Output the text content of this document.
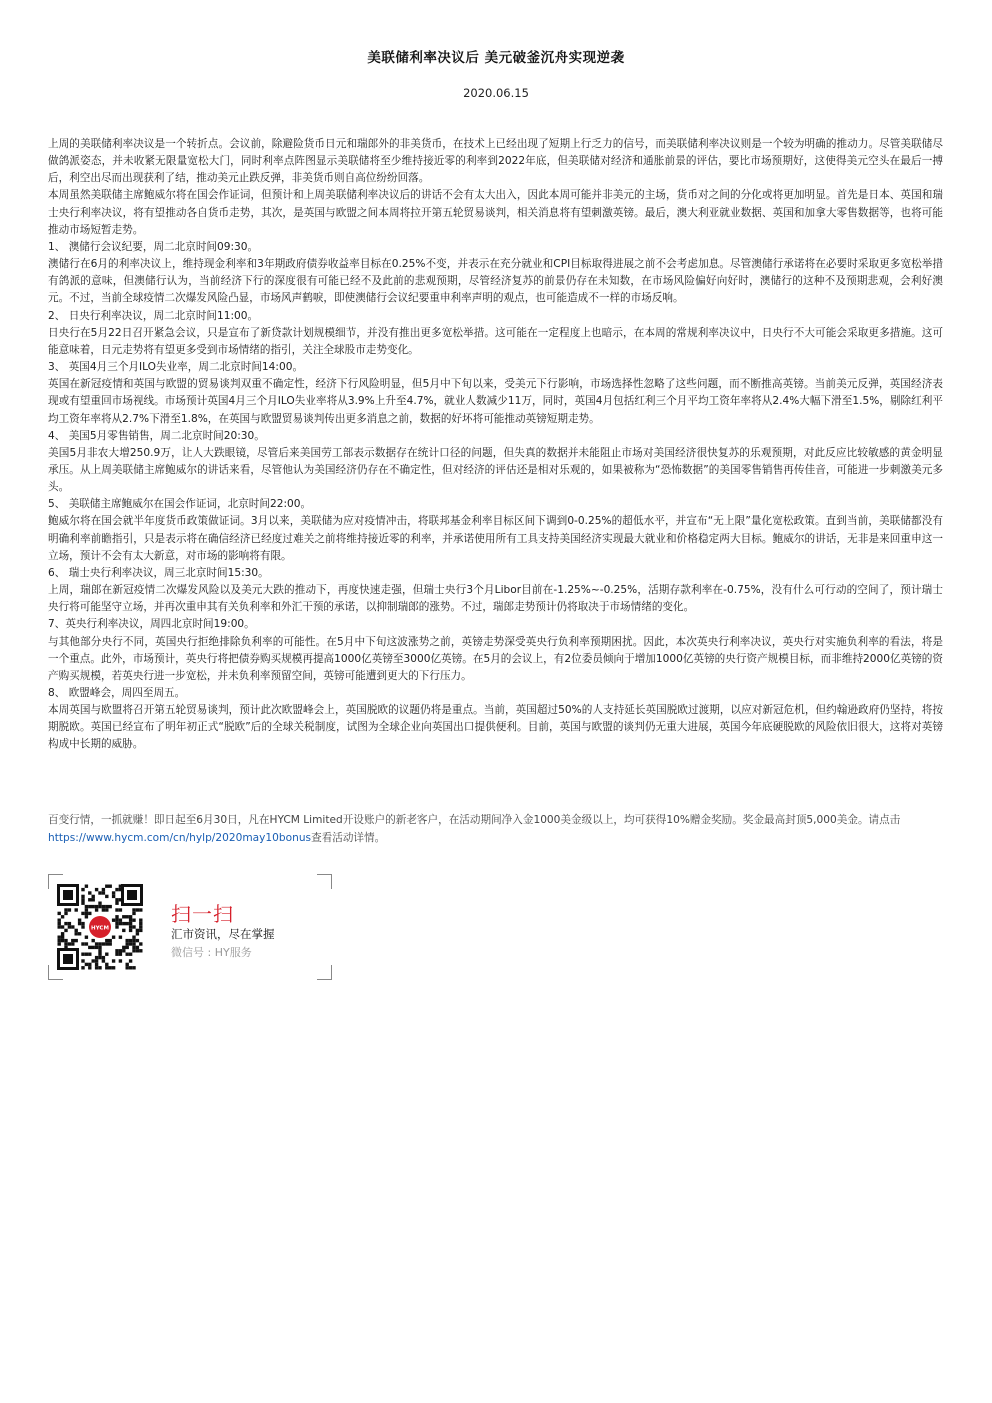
美联储利率决议后 美元破釜沉舟实现逆袭
2020.06.15

上周的美联储利率决议是一个转折点。会议前，除避险货币日元和瑞郎外的非美货币，在技术上已经出现了短期上行乏力的信号，而美联储利率决议则是一个较为明确的推动力。尽管美联储尽做鸽派姿态，并未收紧无限量宽松大门，同时利率点阵图显示美联储将至少维持接近零的利率到2022年底，但美联储对经济和通胀前景的评估，要比市场预期好，这使得美元空头在最后一搏后，利空出尽而出现获利了结，推动美元止跌反弹，非美货币则自高位纷纷回落。

本周虽然美联储主席鲍威尔将在国会作证词，但预计和上周美联储利率决议后的讲话不会有太大出入，因此本周可能并非美元的主场，货币对之间的分化或将更加明显。首先是日本、英国和瑞士央行利率决议，将有望推动各自货币走势，其次，是英国与欧盟之间本周将拉开第五轮贸易谈判，相关消息将有望刺激英镑。最后，澳大利亚就业数据、英国和加拿大零售数据等，也将可能推动市场短暂走势。

1、 澳储行会议纪要，周二北京时间09:30。

澳储行在6月的利率决议上，维持现金利率和3年期政府债券收益率目标在0.25%不变，并表示在充分就业和CPI目标取得进展之前不会考虑加息。尽管澳储行承诺将在必要时采取更多宽松举措有鸽派的意味，但澳储行认为，当前经济下行的深度很有可能已经不及此前的悲观预期，尽管经济复苏的前景仍存在未知数，在市场风险偏好向好时，澳储行的这种不及预期悲观，会利好澳元。不过，当前全球疫情二次爆发风险凸显，市场风声鹤唳，即使澳储行会议纪要重申利率声明的观点，也可能造成不一样的市场反响。

2、 日央行利率决议，周二北京时间11:00。

日央行在5月22日召开紧急会议，只是宣布了新贷款计划规模细节，并没有推出更多宽松举措。这可能在一定程度上也暗示，在本周的常规利率决议中，日央行不大可能会采取更多措施。这可能意味着，日元走势将有望更多受到市场情绪的指引，关注全球股市走势变化。

3、 英国4月三个月ILO失业率，周二北京时间14:00。

英国在新冠疫情和英国与欧盟的贸易谈判双重不确定性，经济下行风险明显，但5月中下旬以来，受美元下行影响，市场选择性忽略了这些问题，而不断推高英镑。当前美元反弹，英国经济表现或有望重回市场视线。市场预计英国4月三个月ILO失业率将从3.9%上升至4.7%，就业人数减少11万，同时，英国4月包括红利三个月平均工资年率将从2.4%大幅下滑至1.5%，剔除红利平均工资年率将从2.7%下滑至1.8%，在英国与欧盟贸易谈判传出更多消息之前，数据的好坏将可能推动英镑短期走势。

4、 美国5月零售销售，周二北京时间20:30。

美国5月非农大增250.9万，让人大跌眼镜，尽管后来美国劳工部表示数据存在统计口径的问题，但失真的数据并未能阻止市场对美国经济很快复苏的乐观预期，对此反应比较敏感的黄金明显承压。从上周美联储主席鲍威尔的讲话来看，尽管他认为美国经济仍存在不确定性，但对经济的评估还是相对乐观的，如果被称为“恐怖数据”的美国零售销售再传佳音，可能进一步刺激美元多头。

5、 美联储主席鲍威尔在国会作证词，北京时间22:00。

鲍威尔将在国会就半年度货币政策做证词。3月以来，美联储为应对疫情冲击，将联邦基金利率目标区间下调到0-0.25%的超低水平，并宣布“无上限”量化宽松政策。直到当前，美联储都没有明确利率前瞻指引，只是表示将在确信经济已经度过难关之前将维持接近零的利率，并承诺使用所有工具支持美国经济实现最大就业和价格稳定两大目标。鲍威尔的讲话，无非是来回重申这一立场，预计不会有太大新意，对市场的影响将有限。

6、 瑞士央行利率决议，周三北京时间15:30。

上周，瑞郎在新冠疫情二次爆发风险以及美元大跌的推动下，再度快速走强，但瑞士央行3个月Libor目前在-1.25%~-0.25%，活期存款利率在-0.75%，没有什么可行动的空间了，预计瑞士央行将可能坚守立场，并再次重申其有关负利率和外汇干预的承诺，以抑制瑞郎的涨势。不过，瑞郎走势预计仍将取决于市场情绪的变化。

7、英央行利率决议，周四北京时间19:00。

与其他部分央行不同，英国央行拒绝排除负利率的可能性。在5月中下旬这波涨势之前，英镑走势深受英央行负利率预期困扰。因此，本次英央行利率决议，英央行对实施负利率的看法，将是一个重点。此外，市场预计，英央行将把债券购买规模再提高1000亿英镑至3000亿英镑。在5月的会议上，有2位委员倾向于增加1000亿英镑的央行资产规模目标，而非维持2000亿英镑的资产购买规模，若英央行进一步宽松，并未负利率预留空间，英镑可能遭到更大的下行压力。

8、 欧盟峰会，周四至周五。

本周英国与欧盟将召开第五轮贸易谈判，预计此次欧盟峰会上，英国脱欧的议题仍将是重点。当前，英国超过50%的人支持延长英国脱欧过渡期，以应对新冠危机，但约翰逊政府仍坚持，将按期脱欧。英国已经宣布了明年初正式“脱欧”后的全球关税制度，试图为全球企业向英国出口提供便利。目前，英国与欧盟的谈判仍无重大进展，英国今年底硬脱欧的风险依旧很大，这将对英镑构成中长期的威胁。

百变行情，一抓就赚！即日起至6月30日，凡在HYCM Limited开设账户的新老客户，在活动期间净入金1000美金级以上，均可获得10%赠金奖励。奖金最高封顶5,000美金。请点击https://www.hycm.com/cn/hylp/2020may10bonus查看活动详情。
HYCM
扫一扫
汇市资讯，尽在掌握
微信号 : HY服务
